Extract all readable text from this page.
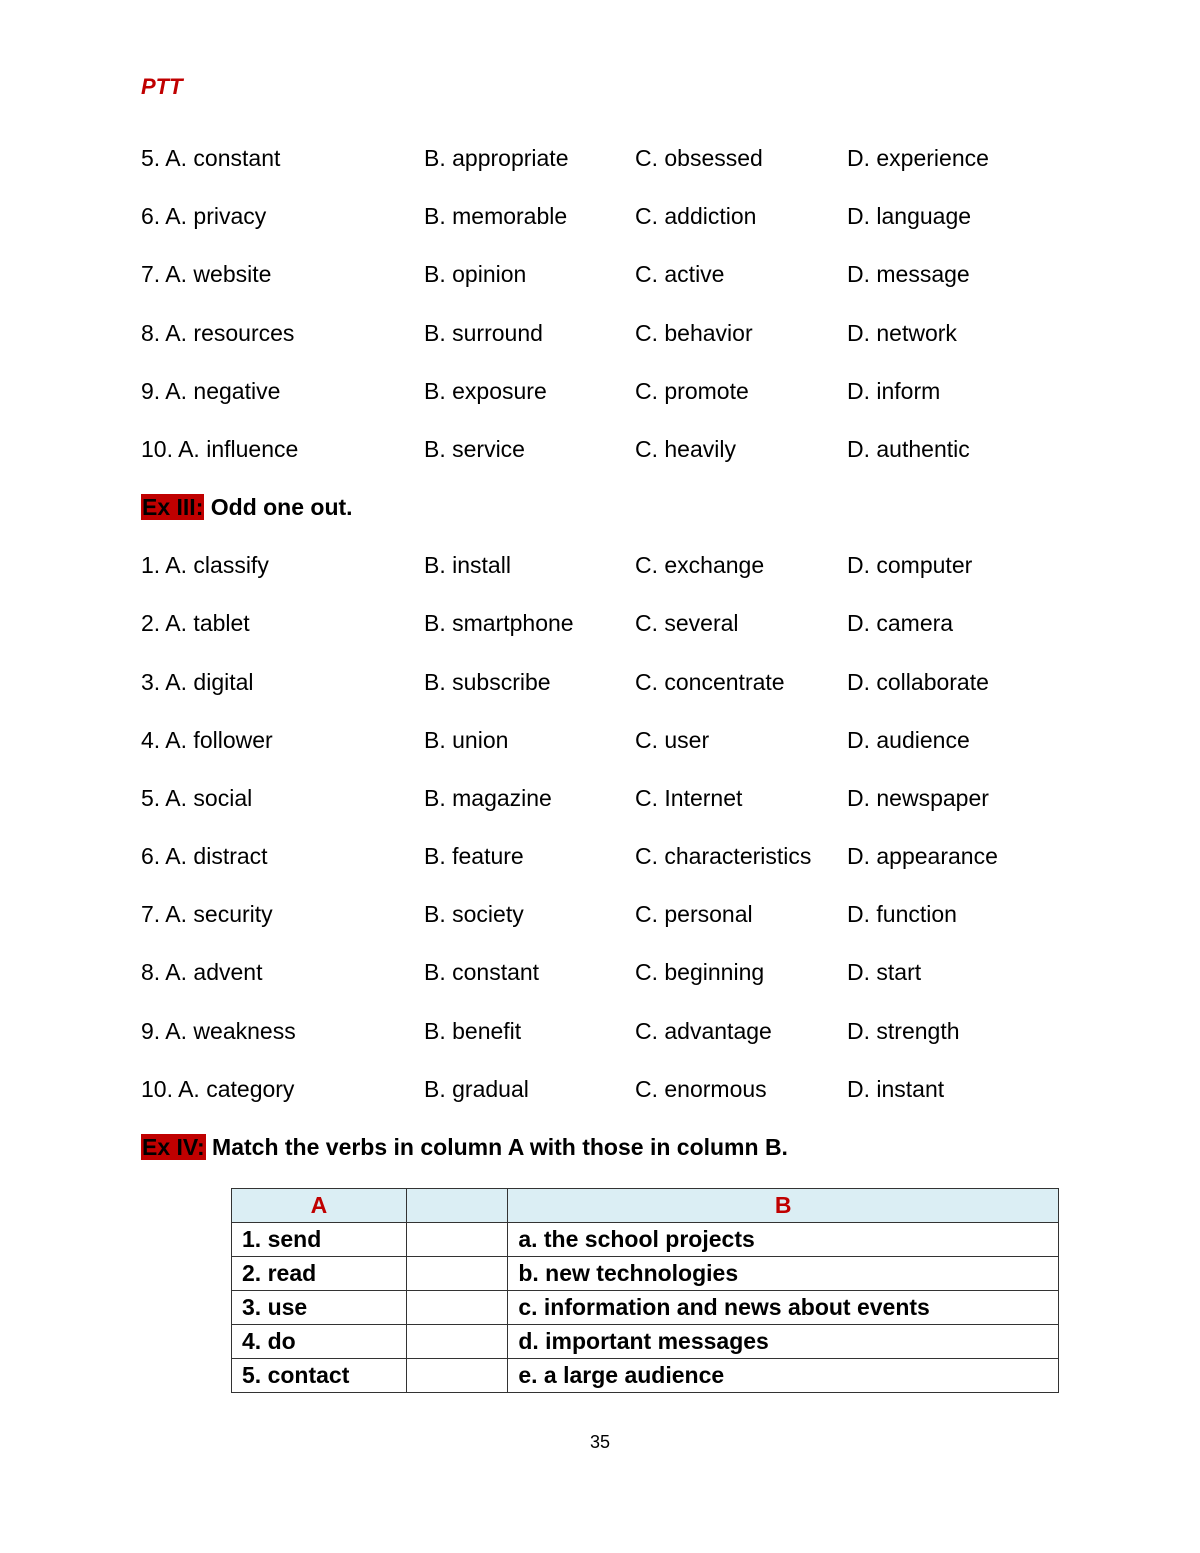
PTT
5. A. constant	B. appropriate	C. obsessed	D. experience
6. A. privacy	B. memorable	C. addiction	D. language
7. A. website	B. opinion	C. active	D. message
8. A. resources	B. surround	C. behavior	D. network
9. A. negative	B. exposure	C. promote	D. inform
10. A. influence	B. service	C. heavily	D. authentic
Ex III: Odd one out.
1. A. classify	B. install	C. exchange	D. computer
2. A. tablet	B. smartphone	C. several	D. camera
3. A. digital	B. subscribe	C. concentrate	D. collaborate
4. A. follower	B. union	C. user	D. audience
5. A. social	B. magazine	C. Internet	D. newspaper
6. A. distract	B. feature	C. characteristics D. appearance
7. A. security	B. society	C. personal	D. function
8. A. advent	B. constant	C. beginning	D. start
9. A. weakness	B. benefit	C. advantage	D. strength
10. A. category	B. gradual	C. enormous	D. instant
Ex IV: Match the verbs in column A with those in column B.
A		B
1. send		a. the school projects
2. read		b. new technologies
3. use		c. information and news about events
4. do		d. important messages
5. contact		e. a large audience
35
